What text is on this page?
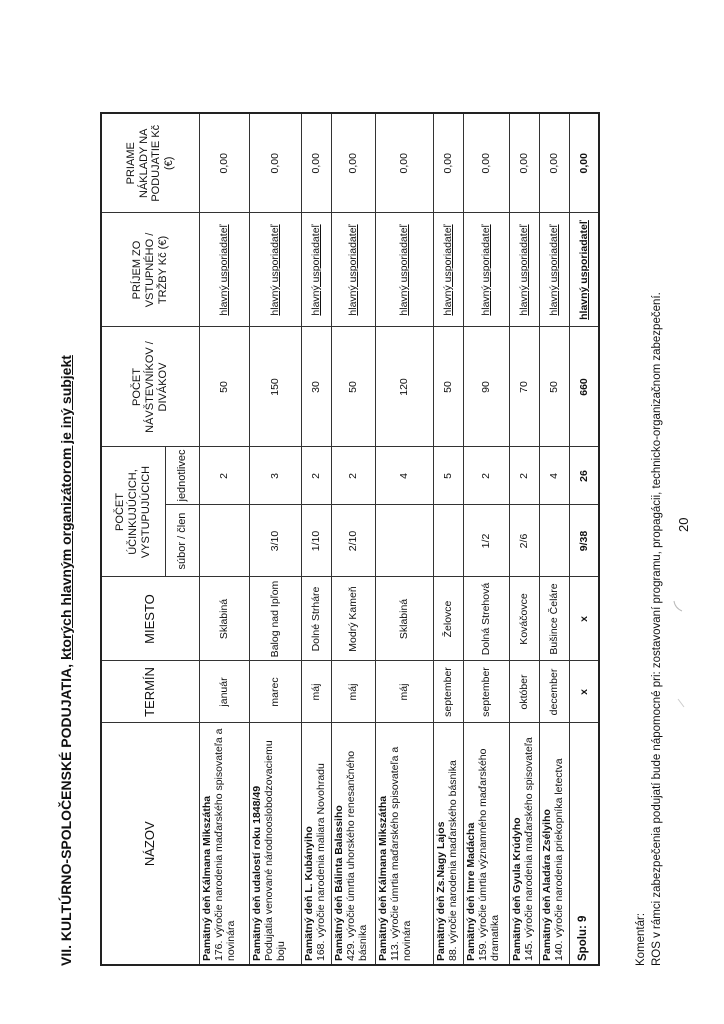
VII. KULTÚRNO-SPOLOČENSKÉ PODUJATIA, ktorých hlavným organizátorom je iný subjekt
NÁZOV	TERMÍN	MIESTO	POČET ÚČINKUJÚCICH, VYSTUPUJÚCICH		POČET NÁVŠTEVNÍKOV / DIVÁKOV	PRÍJEM ZO VSTUPNÉHO / TRŽBY Kč (€)	PRIAME NÁKLADY NA PODUJATIE Kč (€)
			súbor / člen	jednotlivec			

Pamätný deň Kálmana Mikszátha 176. výročie narodenia maďarského spisovateľa a novinára	január	Sklabiná		2	50	hlavný usporiadateľ	0,00

Pamätný deň udalostí roku 1848/49 Podujatia venované národnooslobodzovaciemu boju	marec	Balog nad Ipľom	3/10	3	150	hlavný usporiadateľ	0,00

Pamätný deň L. Kubányiho 168. výročie narodenia maliara Novohradu	máj	Dolné Strháre	1/10	2	30	hlavný usporiadateľ	0,00

Pamätný deň Bálinta Balassiho 429. výročie úmrtia uhorského renesančného básnika	máj	Modrý Kameň	2/10	2	50	hlavný usporiadateľ	0,00

Pamätný deň Kálmana Mikszátha 113. výročie úmrtia maďarského spisovateľa a novinára	máj	Sklabiná		4	120	hlavný usporiadateľ	0,00

Pamätný deň Zs.Nagy Lajos 88. výročie narodenia maďarského básnika	september	Želovce		5	50	hlavný usporiadateľ	0,00

Pamätný deň Imre Madácha 159. výročie úmrtia významného maďarského dramatika	september	Dolná Strehová	1/2	2	90	hlavný usporiadateľ	0,00

Pamätný deň Gyula Krúdyho 145. výročie narodenia maďarského spisovateľa	október	Kováčovce	2/6	2	70	hlavný usporiadateľ	0,00

Pamätný deň Aladára Zsélyiho 140. výročie narodenia priekopníka letectva	december	Bušince Čeláre		4	50	hlavný usporiadateľ	0,00
Spolu: 9	x	x	9/38	26	660	hlavný usporiadateľ	0,00
Komentár: ROS v rámci zabezpečenia podujatí bude nápomocné pri: zostavovaní programu, propagácii, technicko-organizačnom zabezpečení. 20
